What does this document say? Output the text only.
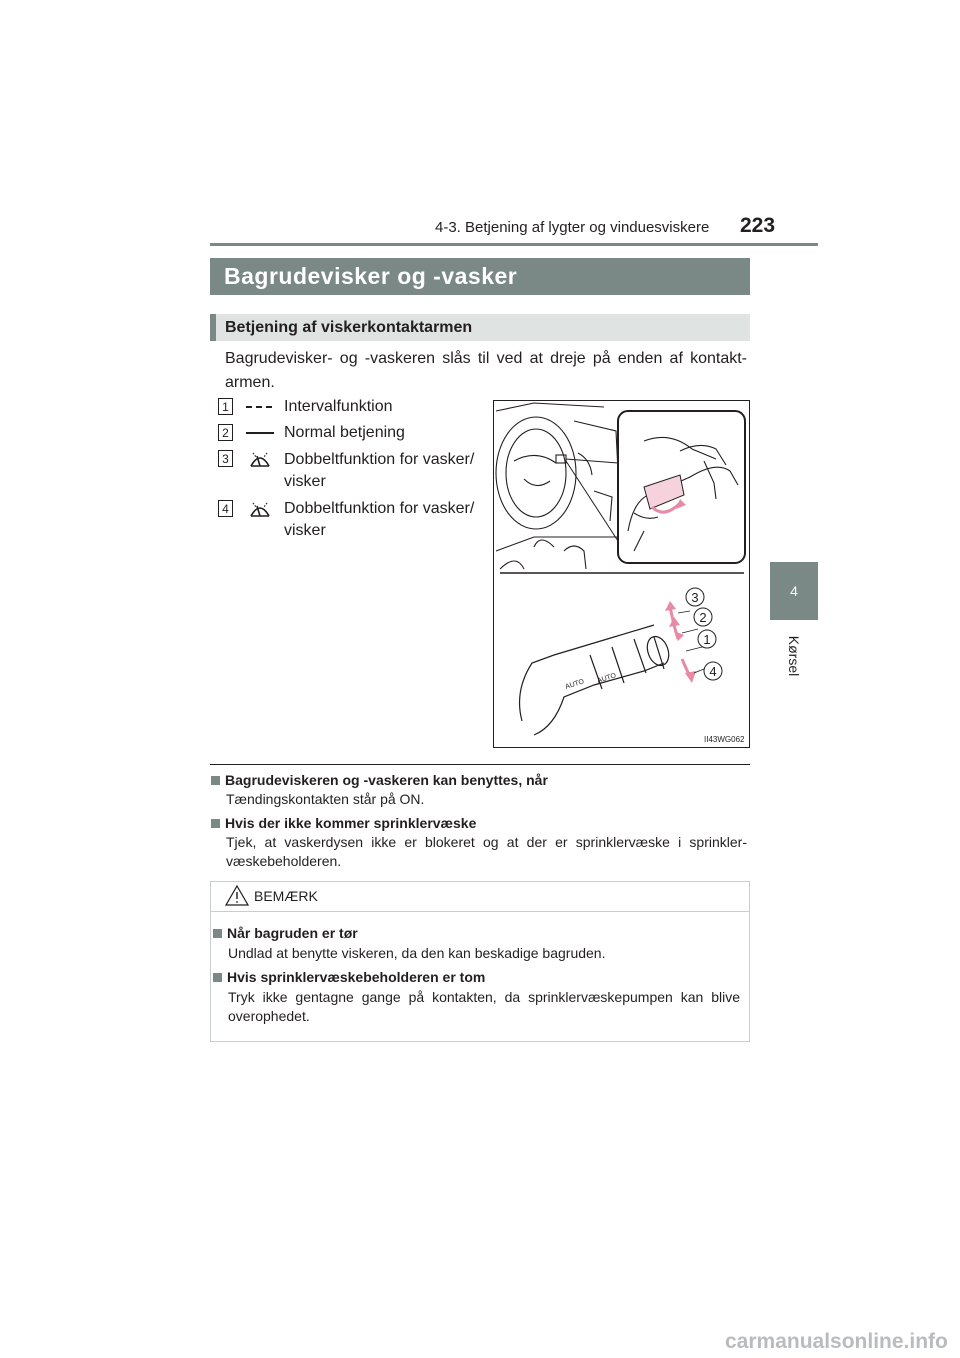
4-3. Betjening af lygter og vinduesviskere 223
4
Kørsel
Bagrudevisker og -vasker
Betjening af viskerkontaktarmen
Bagrudevisker- og -vaskeren slås til ved at dreje på enden af kontakt-armen.
1	Intervalfunktion
2	Normal betjening
3	Dobbeltfunktion for vasker/ visker
4	Dobbeltfunktion for vasker/ visker
AUTO AUTO
3
2
1
4
II43WG062
Bagrudeviskeren og -vaskeren kan benyttes, når
Tændingskontakten står på ON.
Hvis der ikke kommer sprinklervæske
Tjek, at vaskerdysen ikke er blokeret og at der er sprinklervæske i sprinkler-væskebeholderen.
BEMÆRK
Når bagruden er tør
Undlad at benytte viskeren, da den kan beskadige bagruden.
Hvis sprinklervæskebeholderen er tom
Tryk ikke gentagne gange på kontakten, da sprinklervæskepumpen kan blive overophedet.
carmanualsonline.info
